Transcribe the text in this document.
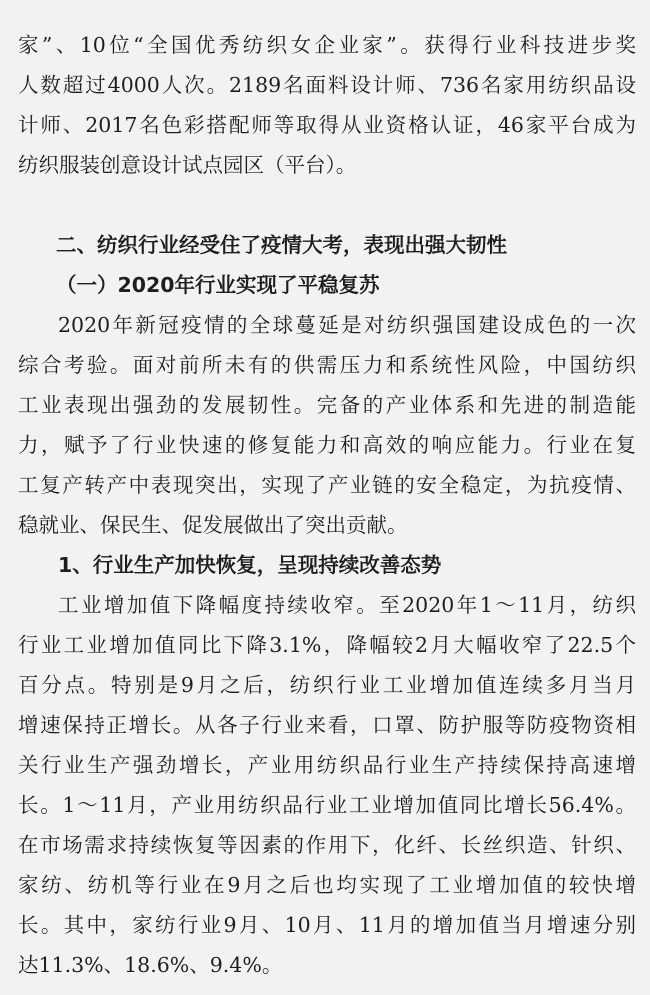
家”、10位“全国优秀纺织女企业家”。获得行业科技进步奖
人数超过4000人次。2189名面料设计师、736名家用纺织品设
计师、2017名色彩搭配师等取得从业资格认证，46家平台成为
纺织服装创意设计试点园区（平台）。
二、纺织行业经受住了疫情大考，表现出强大韧性
（一）2020年行业实现了平稳复苏
2020年新冠疫情的全球蔓延是对纺织强国建设成色的一次
综合考验。面对前所未有的供需压力和系统性风险，中国纺织
工业表现出强劲的发展韧性。完备的产业体系和先进的制造能
力，赋予了行业快速的修复能力和高效的响应能力。行业在复
工复产转产中表现突出，实现了产业链的安全稳定，为抗疫情、
稳就业、保民生、促发展做出了突出贡献。
1、行业生产加快恢复，呈现持续改善态势
工业增加值下降幅度持续收窄。至2020年1～11月，纺织
行业工业增加值同比下降3.1%，降幅较2月大幅收窄了22.5个
百分点。特别是9月之后，纺织行业工业增加值连续多月当月
增速保持正增长。从各子行业来看，口罩、防护服等防疫物资相
关行业生产强劲增长，产业用纺织品行业生产持续保持高速增
长。1～11月，产业用纺织品行业工业增加值同比增长56.4%。
在市场需求持续恢复等因素的作用下，化纤、长丝织造、针织、
家纺、纺机等行业在9月之后也均实现了工业增加值的较快增
长。其中，家纺行业9月、10月、11月的增加值当月增速分别
达11.3%、18.6%、9.4%。
